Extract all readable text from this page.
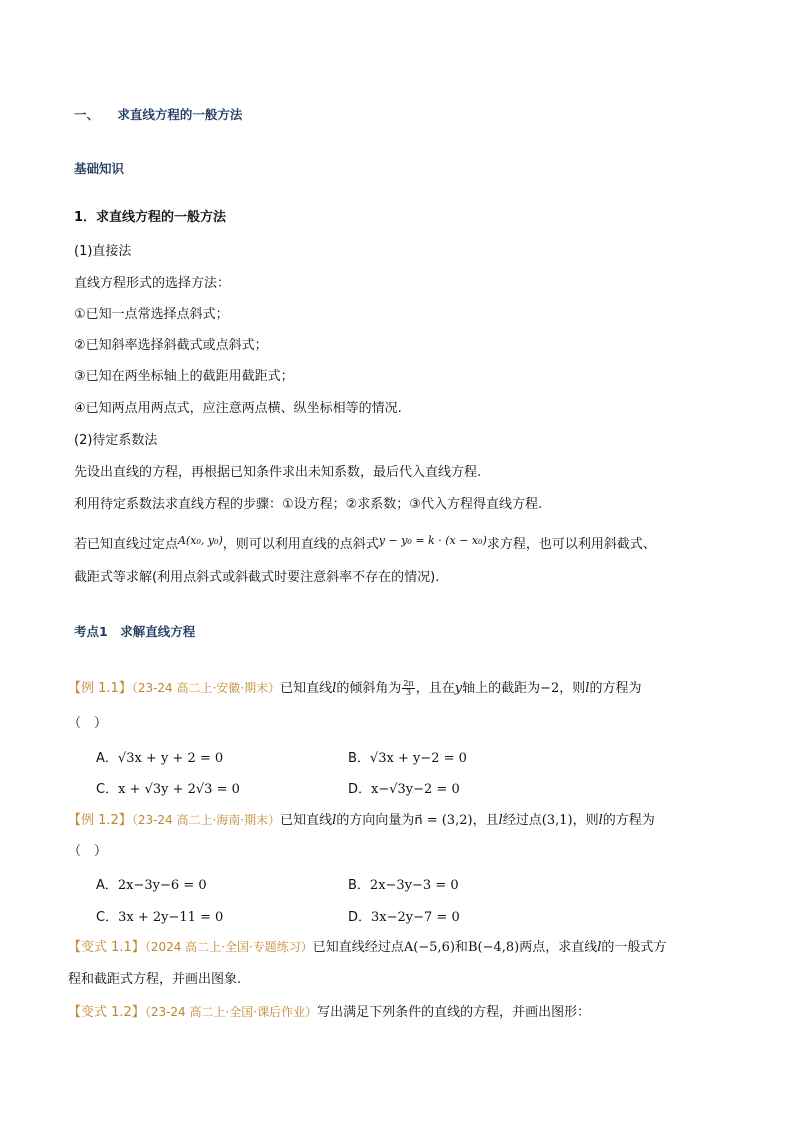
一、 求直线方程的一般方法
基础知识
1．求直线方程的一般方法
(1)直接法
直线方程形式的选择方法：
①已知一点常选择点斜式；
②已知斜率选择斜截式或点斜式；
③已知在两坐标轴上的截距用截距式；
④已知两点用两点式，应注意两点横、纵坐标相等的情况.
(2)待定系数法
先设出直线的方程，再根据已知条件求出未知系数，最后代入直线方程.
利用待定系数法求直线方程的步骤：①设方程；②求系数；③代入方程得直线方程.
若已知直线过定点$^{A(x_0, y_0)}$，则可以利用直线的点斜式$^{y - y_0 = k \cdot (x - x_0)}$求方程，也可以利用斜截式、
截距式等求解(利用点斜式或斜截式时要注意斜率不存在的情况).
考点1　求解直线方程
【例 1.1】（23-24 高二上·安徽·期末）已知直线l的倾斜角为 $\frac{2\pi}{3}$ ，且在y轴上的截距为−2，则l的方程为
（　）
A．√3x + y + 2 = 0	B．√3x + y−2 = 0
C．x + √3y + 2√3 = 0	D．x−√3y−2 = 0
【例 1.2】（23-24 高二上·海南·期末）已知直线l的方向向量为n⃗ = (3,2)，且l经过点(3,1)，则l的方程为
（　）
A．2x−3y−6 = 0	B．2x−3y−3 = 0
C．3x + 2y−11 = 0	D．3x−2y−7 = 0
【变式 1.1】（2024 高二上·全国·专题练习）已知直线经过点A(−5,6)和B(−4,8)两点，求直线l的一般式方
程和截距式方程，并画出图象.
【变式 1.2】（23-24 高二上·全国·课后作业）写出满足下列条件的直线的方程，并画出图形：
